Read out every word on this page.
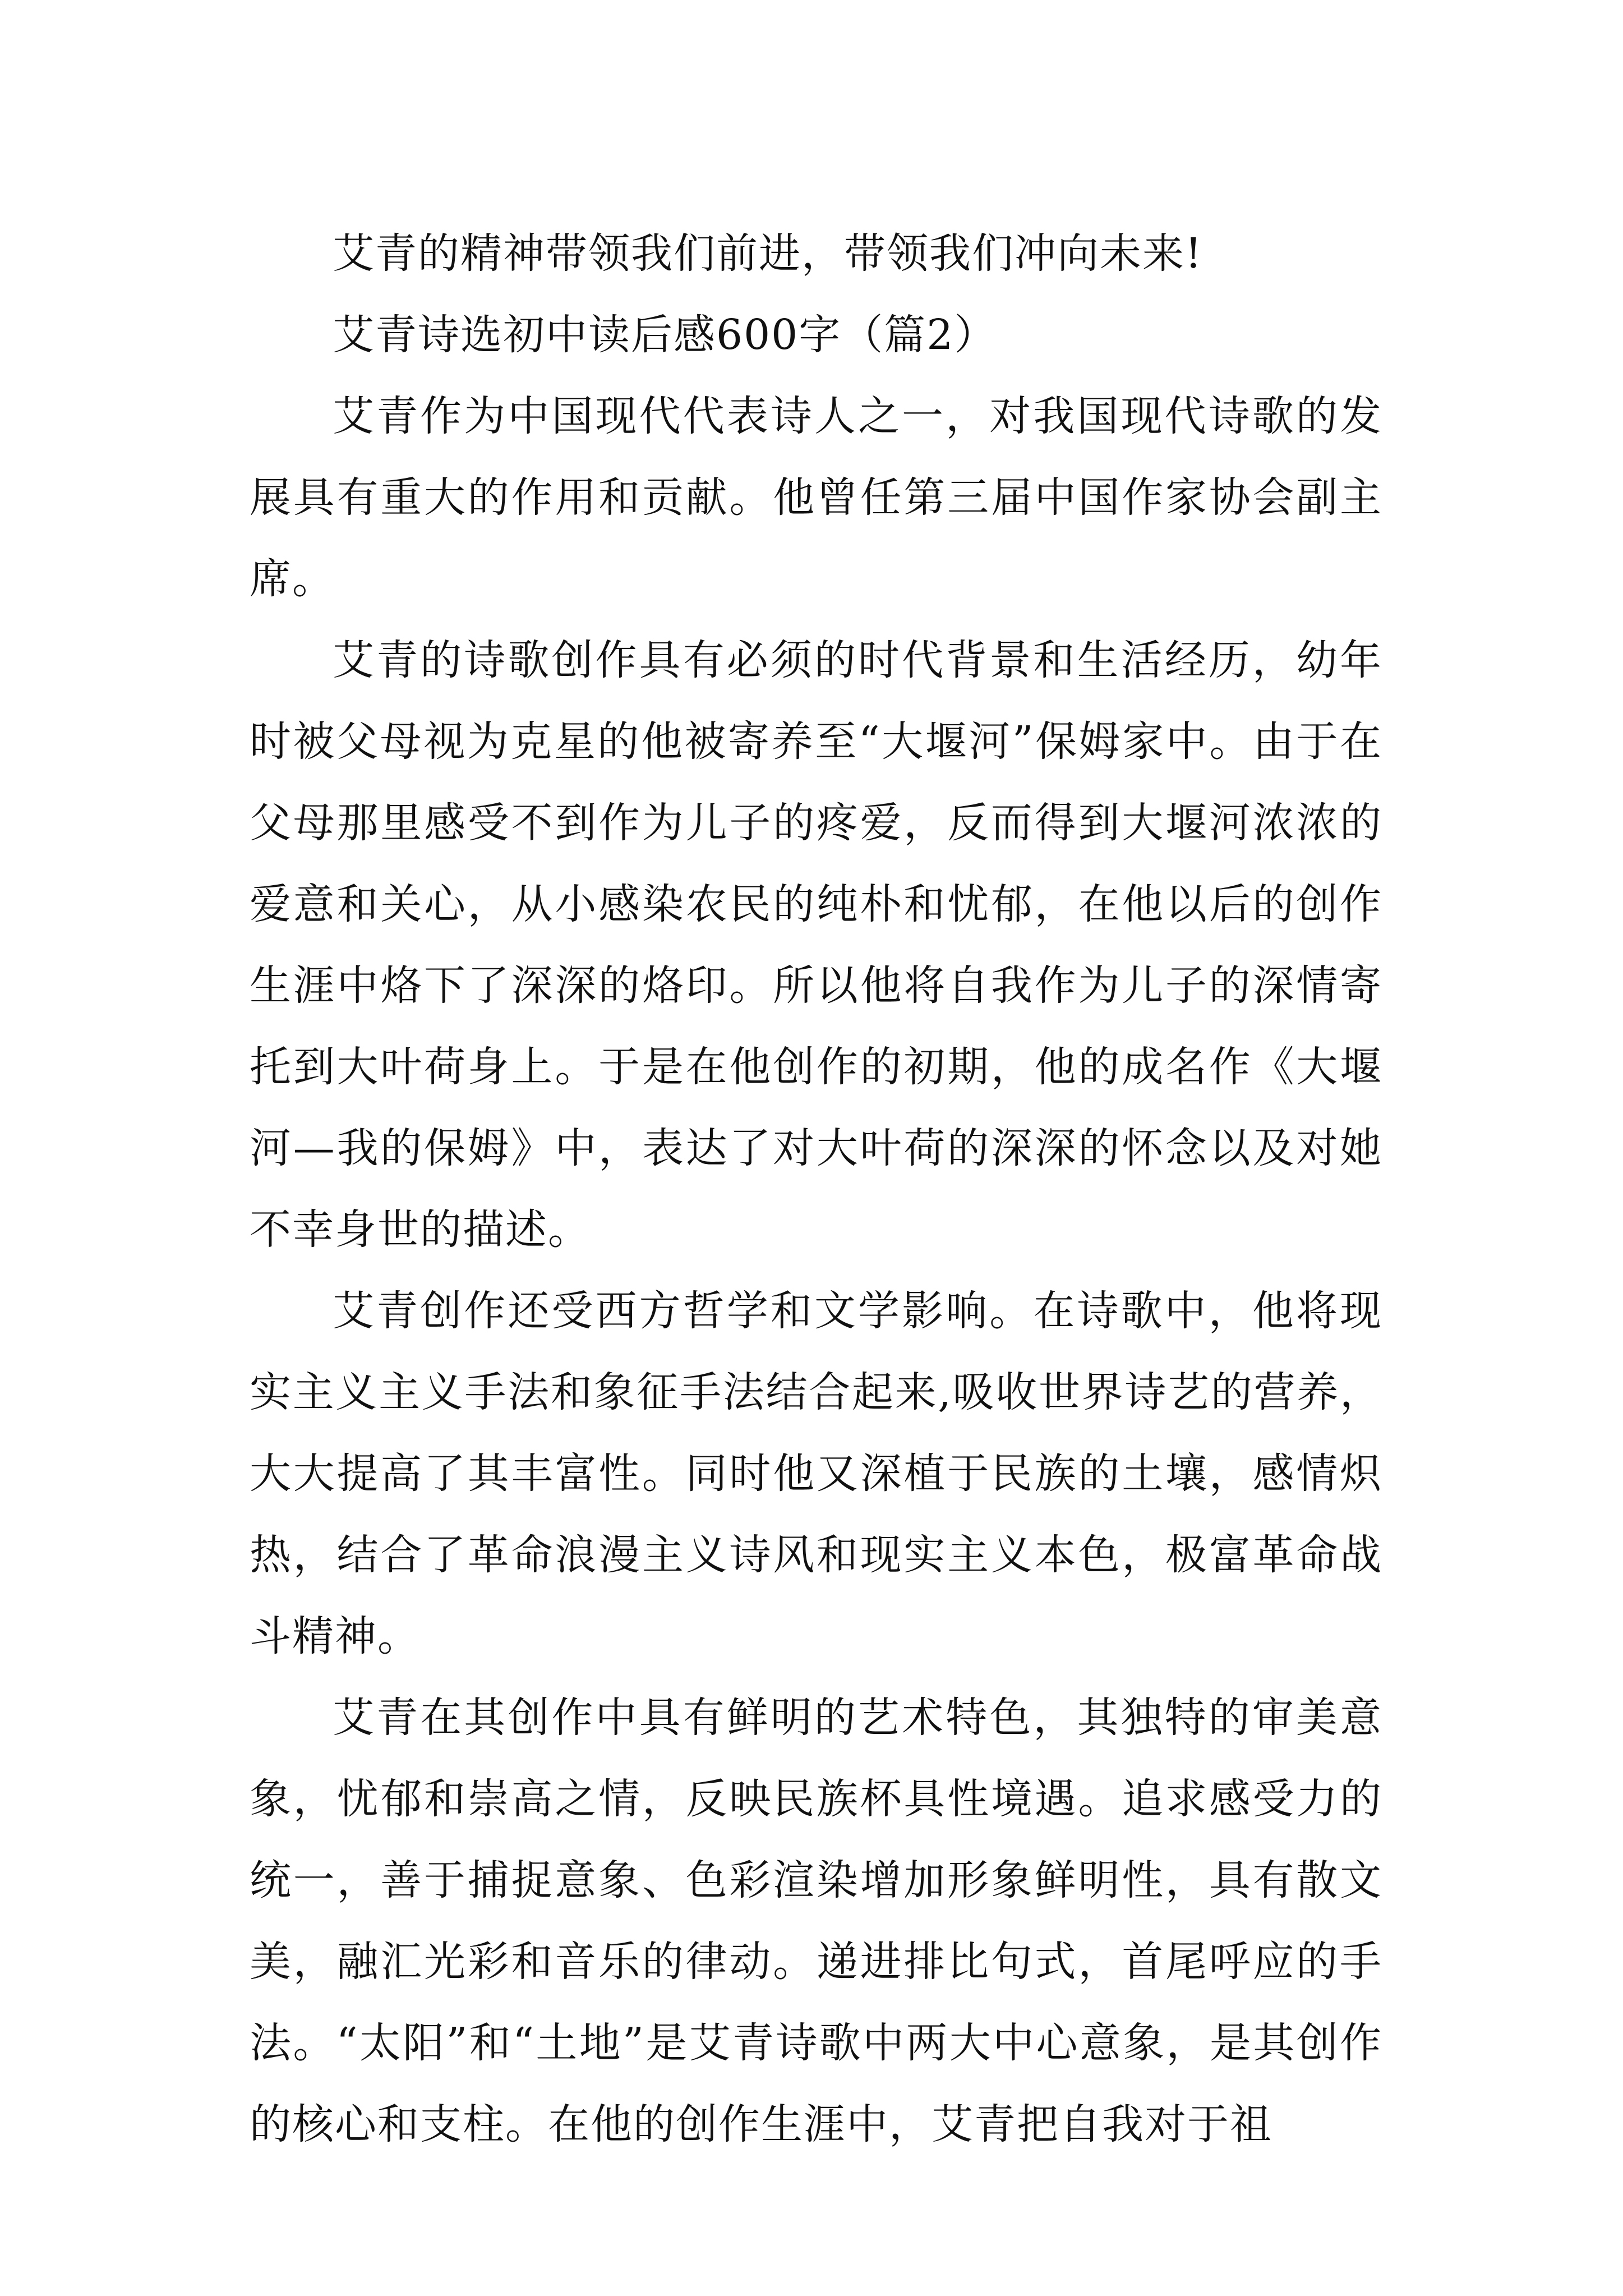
艾青的精神带领我们前进，带领我们冲向未来!

艾青诗选初中读后感600字（篇2）

艾青作为中国现代代表诗人之一，对我国现代诗歌的发展具有重大的作用和贡献。他曾任第三届中国作家协会副主席。

艾青的诗歌创作具有必须的时代背景和生活经历，幼年时被父母视为克星的他被寄养至“大堰河”保姆家中。由于在父母那里感受不到作为儿子的疼爱，反而得到大堰河浓浓的爱意和关心，从小感染农民的纯朴和忧郁，在他以后的创作生涯中烙下了深深的烙印。所以他将自我作为儿子的深情寄托到大叶荷身上。于是在他创作的初期，他的成名作《大堰河—我的保姆》中，表达了对大叶荷的深深的怀念以及对她不幸身世的描述。

艾青创作还受西方哲学和文学影响。在诗歌中，他将现实主义主义手法和象征手法结合起来,吸收世界诗艺的营养，大大提高了其丰富性。同时他又深植于民族的土壤，感情炽热，结合了革命浪漫主义诗风和现实主义本色，极富革命战斗精神。

艾青在其创作中具有鲜明的艺术特色，其独特的审美意象，忧郁和崇高之情，反映民族杯具性境遇。追求感受力的统一，善于捕捉意象、色彩渲染增加形象鲜明性，具有散文美，融汇光彩和音乐的律动。递进排比句式，首尾呼应的手法。“太阳”和“土地”是艾青诗歌中两大中心意象，是其创作的核心和支柱。在他的创作生涯中，艾青把自我对于祖
